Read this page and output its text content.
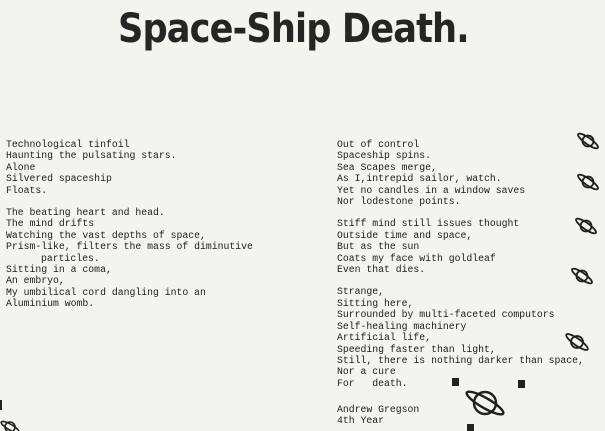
Space-Ship Death.
Technological tinfoil
Haunting the pulsating stars.
Alone
Silvered spaceship
Floats.
The beating heart and head.
The mind drifts
Watching the vast depths of space,
Prism-like, filters the mass of diminutive
particles.
Sitting in a coma,
An embryo,
My umbilical cord dangling into an
Aluminium womb.
Out of control
Spaceship spins.
Sea Scapes merge,
As I,intrepid sailor, watch.
Yet no candles in a window saves
Nor lodestone points.
Stiff mind still issues thought
Outside time and space,
But as the sun
Coats my face with goldleaf
Even that dies.
Strange,
Sitting here,
Surrounded by multi-faceted computors
Self-healing machinery
Artificial life,
Speeding faster than light,
Still, there is nothing darker than space,
Nor a cure
For   death.
Andrew Gregson
4th Year
